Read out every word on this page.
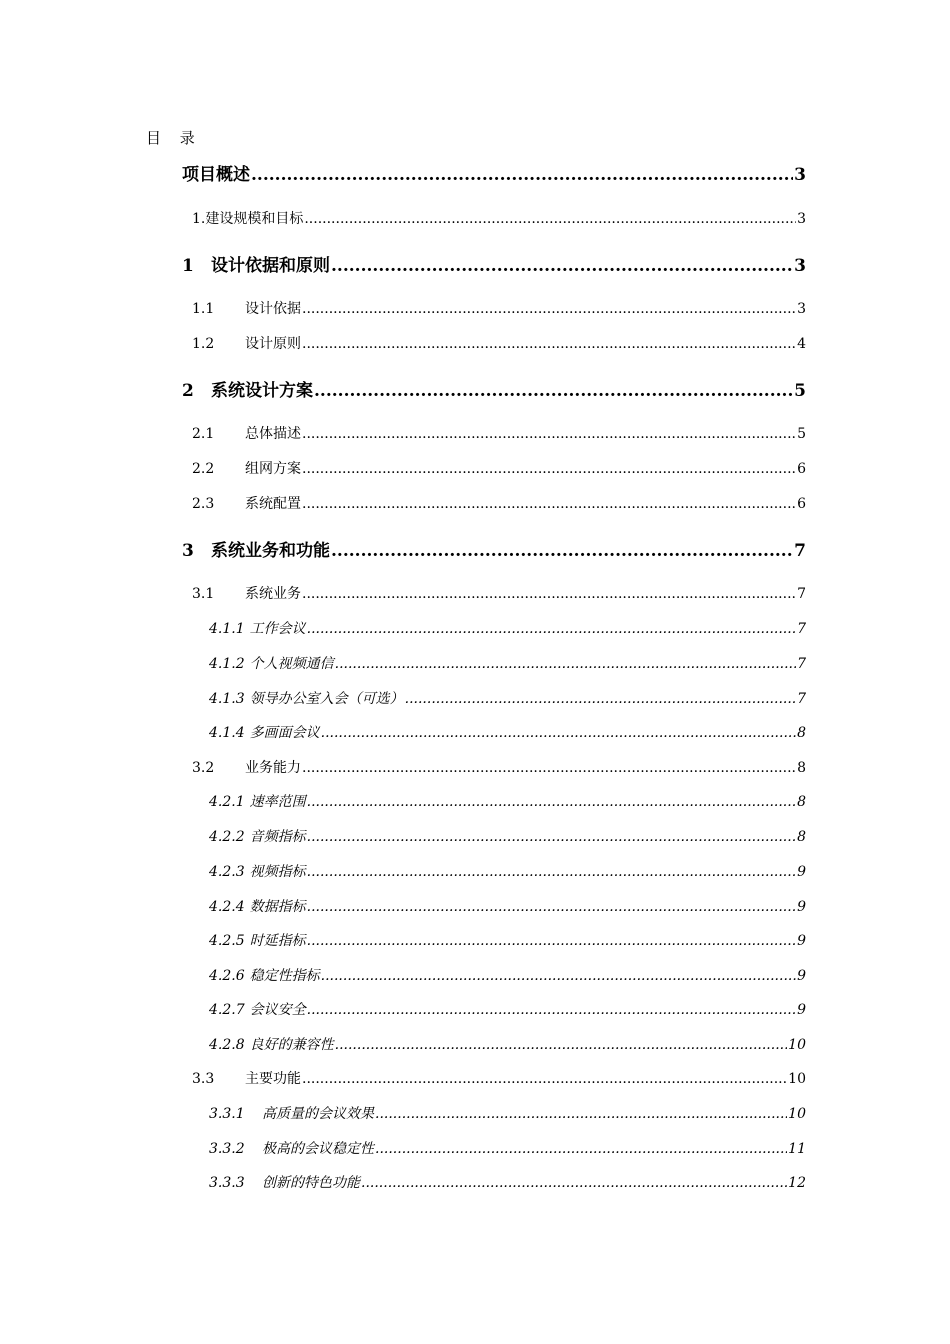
目 录
项目概述 .....	3
1.建设规模和目标 .....	3
1	设计依据和原则 .....	3
1.1	设计依据 .....	3
1.2	设计原则 .....	4
2	系统设计方案 .....	5
2.1	总体描述 .....	5
2.2	组网方案 .....	6
2.3	系统配置 .....	6
3	系统业务和功能 .....	7
3.1	系统业务 .....	7
4.1.1 工作会议 .....	7
4.1.2 个人视频通信 .....	7
4.1.3 领导办公室入会（可选） .....	7
4.1.4 多画面会议 .....	8
3.2	业务能力 .....	8
4.2.1 速率范围 .....	8
4.2.2 音频指标 .....	8
4.2.3 视频指标 .....	9
4.2.4 数据指标 .....	9
4.2.5 时延指标 .....	9
4.2.6 稳定性指标 .....	9
4.2.7 会议安全 .....	9
4.2.8 良好的兼容性 .....	10
3.3	主要功能 .....	10
3.3.1	高质量的会议效果 .....	10
3.3.2	极高的会议稳定性 .....	11
3.3.3	创新的特色功能 .....	12
